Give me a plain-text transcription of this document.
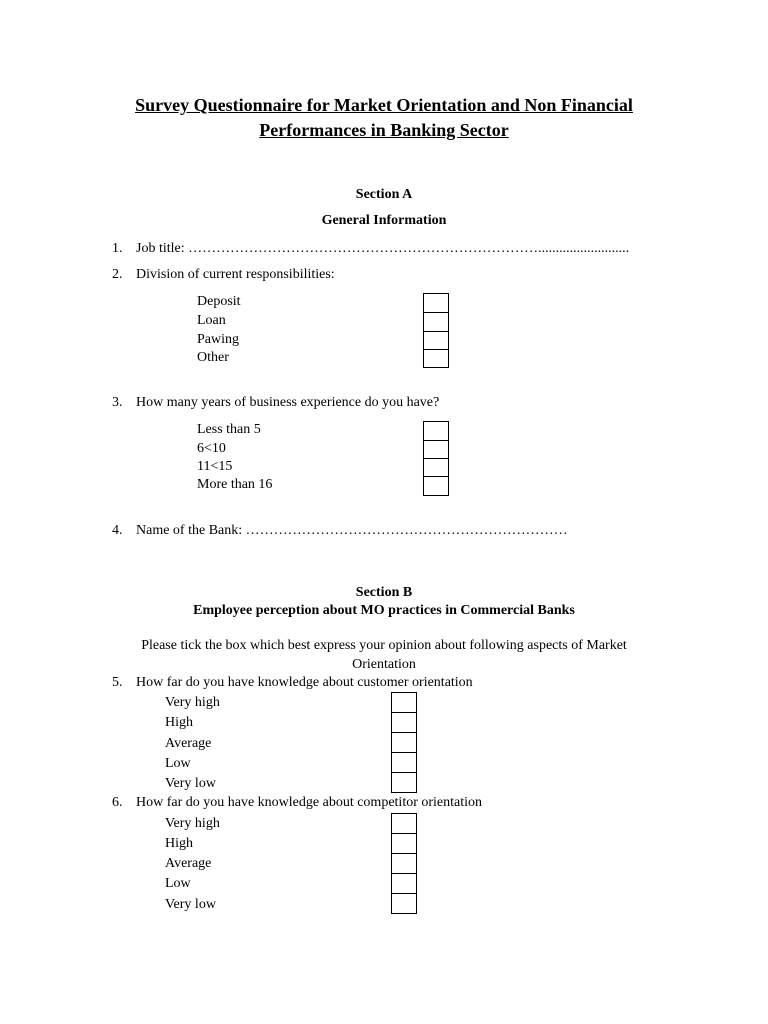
Survey Questionnaire for Market Orientation and Non Financial
Performances in Banking Sector
Section A
General Information
1. Job title: …………………………………………………………………..........................
2. Division of current responsibilities:
Deposit
Loan
Pawing
Other
3. How many years of business experience do you have?
Less than 5
6<10
11<15
More than 16
4. Name of the Bank: ……………………………………………………………
Section B
Employee perception about MO practices in Commercial Banks
Please tick the box which best express your opinion about following aspects of Market
Orientation
5. How far do you have knowledge about customer orientation
Very high
High
Average
Low
Very low
6. How far do you have knowledge about competitor orientation
Very high
High
Average
Low
Very low
